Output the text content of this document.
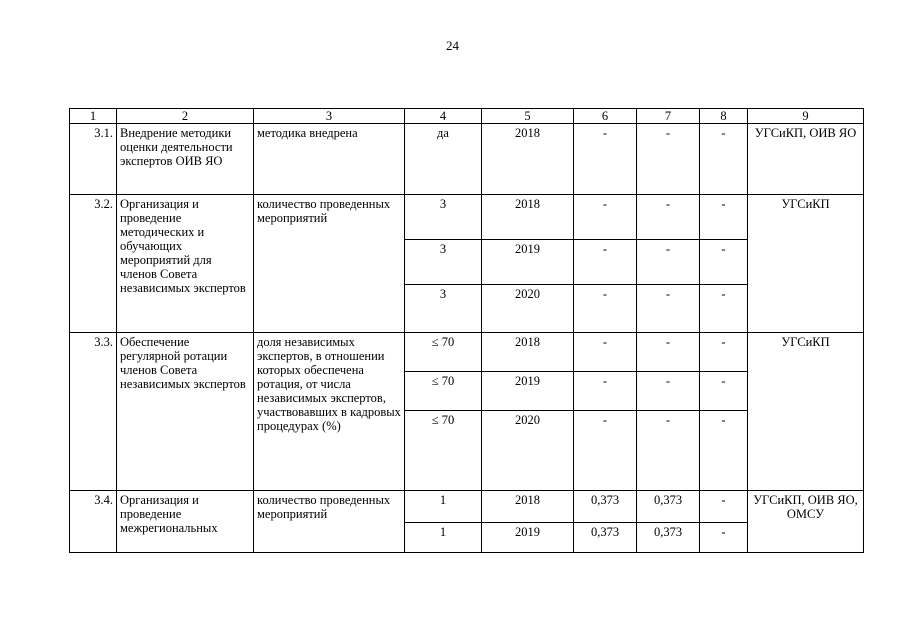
24
1	2	3	4	5	6	7	8	9
3.1.	Внедрение методики оценки деятельности экспертов ОИВ ЯО	методика внедрена	да	2018	-	-	-	УГСиКП, ОИВ ЯО
3.2.	Организация и проведение методических и обучающих мероприятий для членов Совета независимых экспертов	количество проведенных мероприятий	3	2018	-	-	-	УГСиКП
			3	2019	-	-	-	
			3	2020	-	-	-	
3.3.	Обеспечение регулярной ротации членов Совета независимых экспертов	доля независимых экспертов, в отношении которых обеспечена ротация, от числа независимых экспертов, участвовавших в кадровых процедурах (%)	≤ 70	2018	-	-	-	УГСиКП
			≤ 70	2019	-	-	-	
			≤ 70	2020	-	-	-	
3.4.	Организация и проведение межрегиональных	количество проведенных мероприятий	1	2018	0,373	0,373	-	УГСиКП, ОИВ ЯО, ОМСУ
			1	2019	0,373	0,373	-	
